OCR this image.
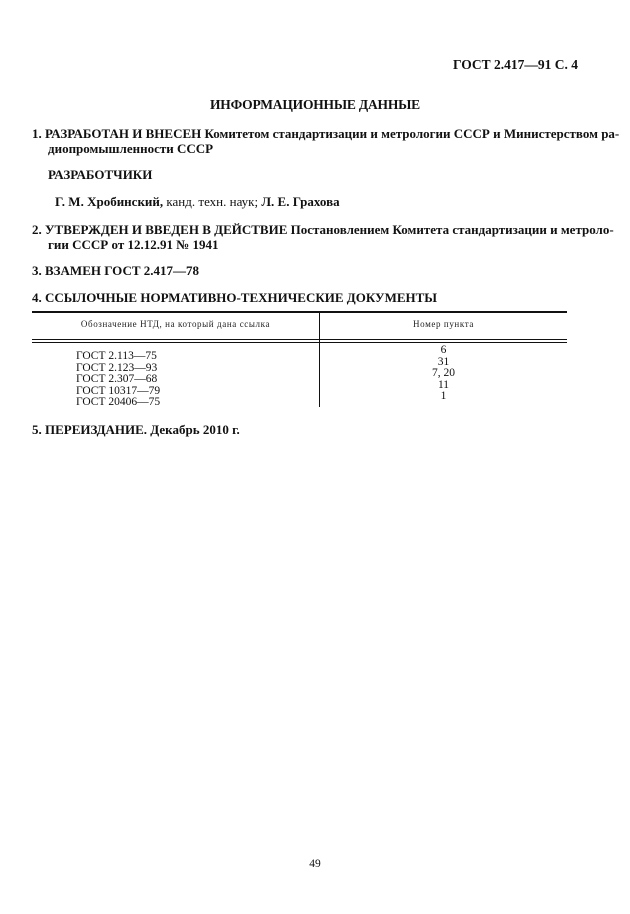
ГОСТ 2.417—91 С. 4
ИНФОРМАЦИОННЫЕ ДАННЫЕ
1. РАЗРАБОТАН И ВНЕСЕН Комитетом стандартизации и метрологии СССР и Министерством ра-
диопромышленности СССР
РАЗРАБОТЧИКИ
Г. М. Хробинский, канд. техн. наук; Л. Е. Грахова
2. УТВЕРЖДЕН И ВВЕДЕН В ДЕЙСТВИЕ Постановлением Комитета стандартизации и метроло-
гии СССР от 12.12.91 № 1941
3. ВЗАМЕН ГОСТ 2.417—78
4. ССЫЛОЧНЫЕ НОРМАТИВНО-ТЕХНИЧЕСКИЕ ДОКУМЕНТЫ
Обозначение НТД, на который дана ссылка	Номер пункта
ГОСТ 2.113—75
ГОСТ 2.123—93
ГОСТ 2.307—68
ГОСТ 10317—79
ГОСТ 20406—75
6
31
7, 20
11
1
5. ПЕРЕИЗДАНИЕ. Декабрь 2010 г.
49
